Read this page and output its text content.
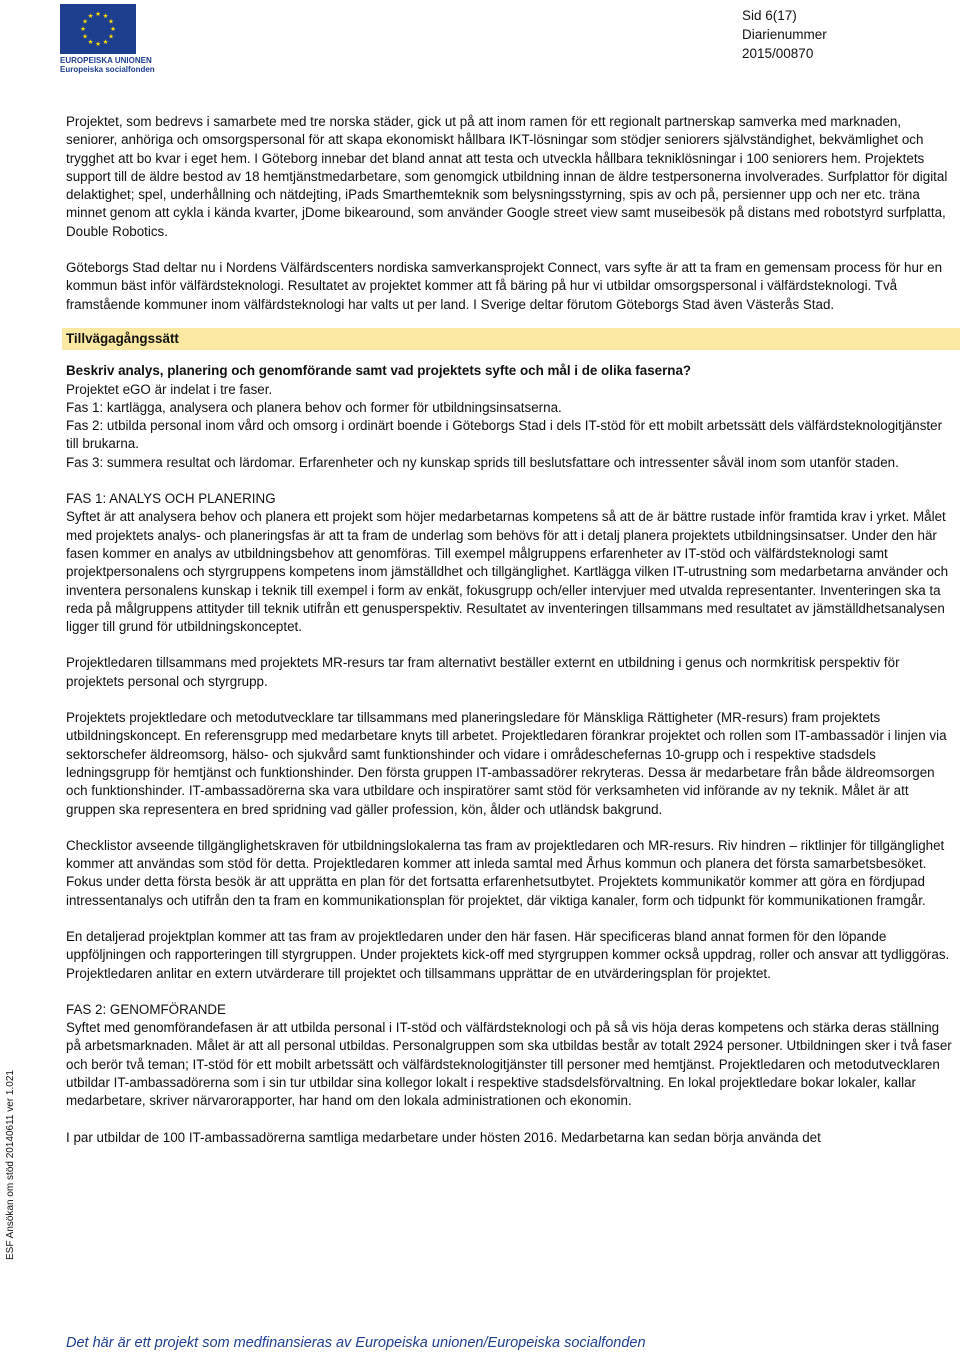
★ ★
★
★
★
★
★
★
★
★
★
★
EUROPEISKA UNIONEN
Europeiska socialfonden
Sid 6(17)
Diarienummer
2015/00870
ESF Ansökan om stöd 20140611 ver 1.021

Projektet, som bedrevs i samarbete med tre norska städer, gick ut på att inom ramen för ett regionalt partnerskap samverka med marknaden, seniorer, anhöriga och omsorgspersonal för att skapa ekonomiskt hållbara IKT-lösningar som stödjer seniorers självständighet, bekvämlighet och trygghet att bo kvar i eget hem. I Göteborg innebar det bland annat att testa och utveckla hållbara tekniklösningar i 100 seniorers hem. Projektets support till de äldre bestod av 18 hemtjänstmedarbetare, som genomgick utbildning innan de äldre testpersonerna involverades. Surfplattor för digital delaktighet; spel, underhållning och nätdejting, iPads Smarthemteknik som belysningsstyrning, spis av och på, persienner upp och ner etc. träna minnet genom att cykla i kända kvarter, jDome bikearound, som använder Google street view samt museibesök på distans med robotstyrd surfplatta, Double Robotics.

Göteborgs Stad deltar nu i Nordens Välfärdscenters nordiska samverkansprojekt Connect, vars syfte är att ta fram en gemensam process för hur en kommun bäst inför välfärdsteknologi. Resultatet av projektet kommer att få bäring på hur vi utbildar omsorgspersonal i välfärdsteknologi. Två framstående kommuner inom välfärdsteknologi har valts ut per land. I Sverige deltar förutom Göteborgs Stad även Västerås Stad.

Tillvägagångssätt

Beskriv analys, planering och genomförande samt vad projektets syfte och mål i de olika faserna?

Projektet eGO är indelat i tre faser.

Fas 1: kartlägga, analysera och planera behov och former för utbildningsinsatserna.

Fas 2: utbilda personal inom vård och omsorg i ordinärt boende i Göteborgs Stad i dels IT-stöd för ett mobilt arbetssätt dels välfärdsteknologitjänster till brukarna.

Fas 3: summera resultat och lärdomar. Erfarenheter och ny kunskap sprids till beslutsfattare och intressenter såväl inom som utanför staden.

FAS 1: ANALYS OCH PLANERING

Syftet är att analysera behov och planera ett projekt som höjer medarbetarnas kompetens så att de är bättre rustade inför framtida krav i yrket. Målet med projektets analys- och planeringsfas är att ta fram de underlag som behövs för att i detalj planera projektets utbildningsinsatser. Under den här fasen kommer en analys av utbildningsbehov att genomföras. Till exempel målgruppens erfarenheter av IT-stöd och välfärdsteknologi samt projektpersonalens och styrgruppens kompetens inom jämställdhet och tillgänglighet. Kartlägga vilken IT-utrustning som medarbetarna använder och inventera personalens kunskap i teknik till exempel i form av enkät, fokusgrupp och/eller intervjuer med utvalda representanter. Inventeringen ska ta reda på målgruppens attityder till teknik utifrån ett genusperspektiv. Resultatet av inventeringen tillsammans med resultatet av jämställdhetsanalysen ligger till grund för utbildningskonceptet.

Projektledaren tillsammans med projektets MR-resurs tar fram alternativt beställer externt en utbildning i genus och normkritisk perspektiv för projektets personal och styrgrupp.

Projektets projektledare och metodutvecklare tar tillsammans med planeringsledare för Mänskliga Rättigheter (MR-resurs) fram projektets utbildningskoncept. En referensgrupp med medarbetare knyts till arbetet. Projektledaren förankrar projektet och rollen som IT-ambassadör i linjen via sektorschefer äldreomsorg, hälso- och sjukvård samt funktionshinder och vidare i områdeschefernas 10-grupp och i respektive stadsdels ledningsgrupp för hemtjänst och funktionshinder. Den första gruppen IT-ambassadörer rekryteras. Dessa är medarbetare från både äldreomsorgen och funktionshinder. IT-ambassadörerna ska vara utbildare och inspiratörer samt stöd för verksamheten vid införande av ny teknik. Målet är att gruppen ska representera en bred spridning vad gäller profession, kön, ålder och utländsk bakgrund.

Checklistor avseende tillgänglighetskraven för utbildningslokalerna tas fram av projektledaren och MR-resurs. Riv hindren – riktlinjer för tillgänglighet kommer att användas som stöd för detta. Projektledaren kommer att inleda samtal med Århus kommun och planera det första samarbetsbesöket. Fokus under detta första besök är att upprätta en plan för det fortsatta erfarenhetsutbytet. Projektets kommunikatör kommer att göra en fördjupad intressentanalys och utifrån den ta fram en kommunikationsplan för projektet, där viktiga kanaler, form och tidpunkt för kommunikationen framgår.

En detaljerad projektplan kommer att tas fram av projektledaren under den här fasen. Här specificeras bland annat formen för den löpande uppföljningen och rapporteringen till styrgruppen. Under projektets kick-off med styrgruppen kommer också uppdrag, roller och ansvar att tydliggöras. Projektledaren anlitar en extern utvärderare till projektet och tillsammans upprättar de en utvärderingsplan för projektet.

FAS 2: GENOMFÖRANDE

Syftet med genomförandefasen är att utbilda personal i IT-stöd och välfärdsteknologi och på så vis höja deras kompetens och stärka deras ställning på arbetsmarknaden. Målet är att all personal utbildas. Personalgruppen som ska utbildas består av totalt 2924 personer. Utbildningen sker i två faser och berör två teman; IT-stöd för ett mobilt arbetssätt och välfärdsteknologitjänster till personer med hemtjänst. Projektledaren och metodutvecklaren utbildar IT-ambassadörerna som i sin tur utbildar sina kollegor lokalt i respektive stadsdelsförvaltning. En lokal projektledare bokar lokaler, kallar medarbetare, skriver närvarorapporter, har hand om den lokala administrationen och ekonomin.

I par utbildar de 100 IT-ambassadörerna samtliga medarbetare under hösten 2016. Medarbetarna kan sedan börja använda det

Det här är ett projekt som medfinansieras av Europeiska unionen/Europeiska socialfonden
